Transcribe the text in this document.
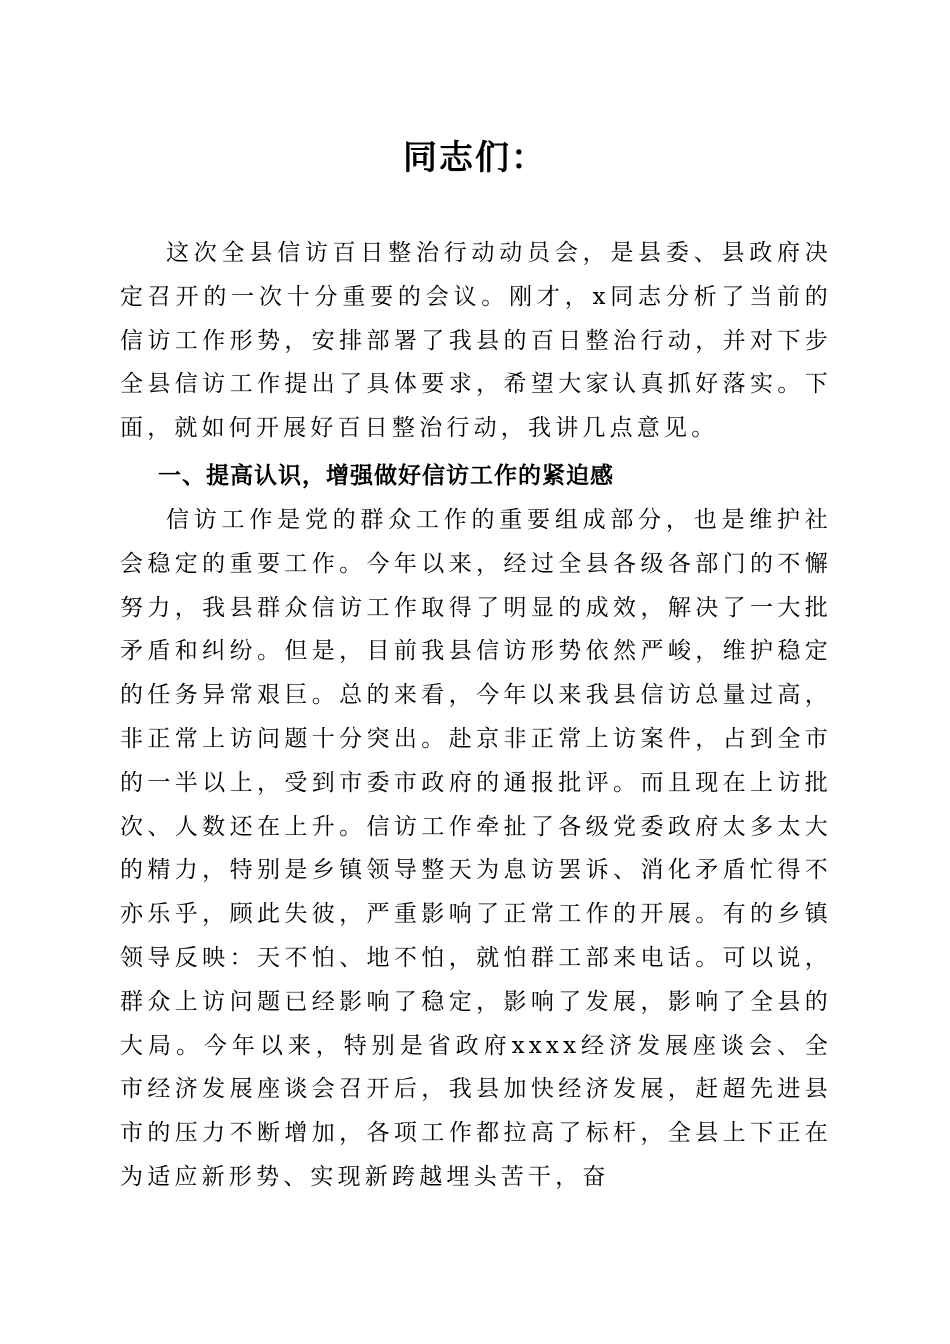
同志们：

这次全县信访百日整治行动动员会，是县委、县政府决定召开的一次十分重要的会议。刚才，x同志分析了当前的信访工作形势，安排部署了我县的百日整治行动，并对下步全县信访工作提出了具体要求，希望大家认真抓好落实。下面，就如何开展好百日整治行动，我讲几点意见。

一、提高认识，增强做好信访工作的紧迫感

信访工作是党的群众工作的重要组成部分，也是维护社会稳定的重要工作。今年以来，经过全县各级各部门的不懈努力，我县群众信访工作取得了明显的成效，解决了一大批矛盾和纠纷。但是，目前我县信访形势依然严峻，维护稳定的任务异常艰巨。总的来看，今年以来我县信访总量过高，非正常上访问题十分突出。赴京非正常上访案件，占到全市的一半以上，受到市委市政府的通报批评。而且现在上访批次、人数还在上升。信访工作牵扯了各级党委政府太多太大的精力，特别是乡镇领导整天为息访罢诉、消化矛盾忙得不亦乐乎，顾此失彼，严重影响了正常工作的开展。有的乡镇领导反映：天不怕、地不怕，就怕群工部来电话。可以说，群众上访问题已经影响了稳定，影响了发展，影响了全县的大局。今年以来，特别是省政府xxxx经济发展座谈会、全市经济发展座谈会召开后，我县加快经济发展，赶超先进县市的压力不断增加，各项工作都拉高了标杆，全县上下正在为适应新形势、实现新跨越埋头苦干，奋
